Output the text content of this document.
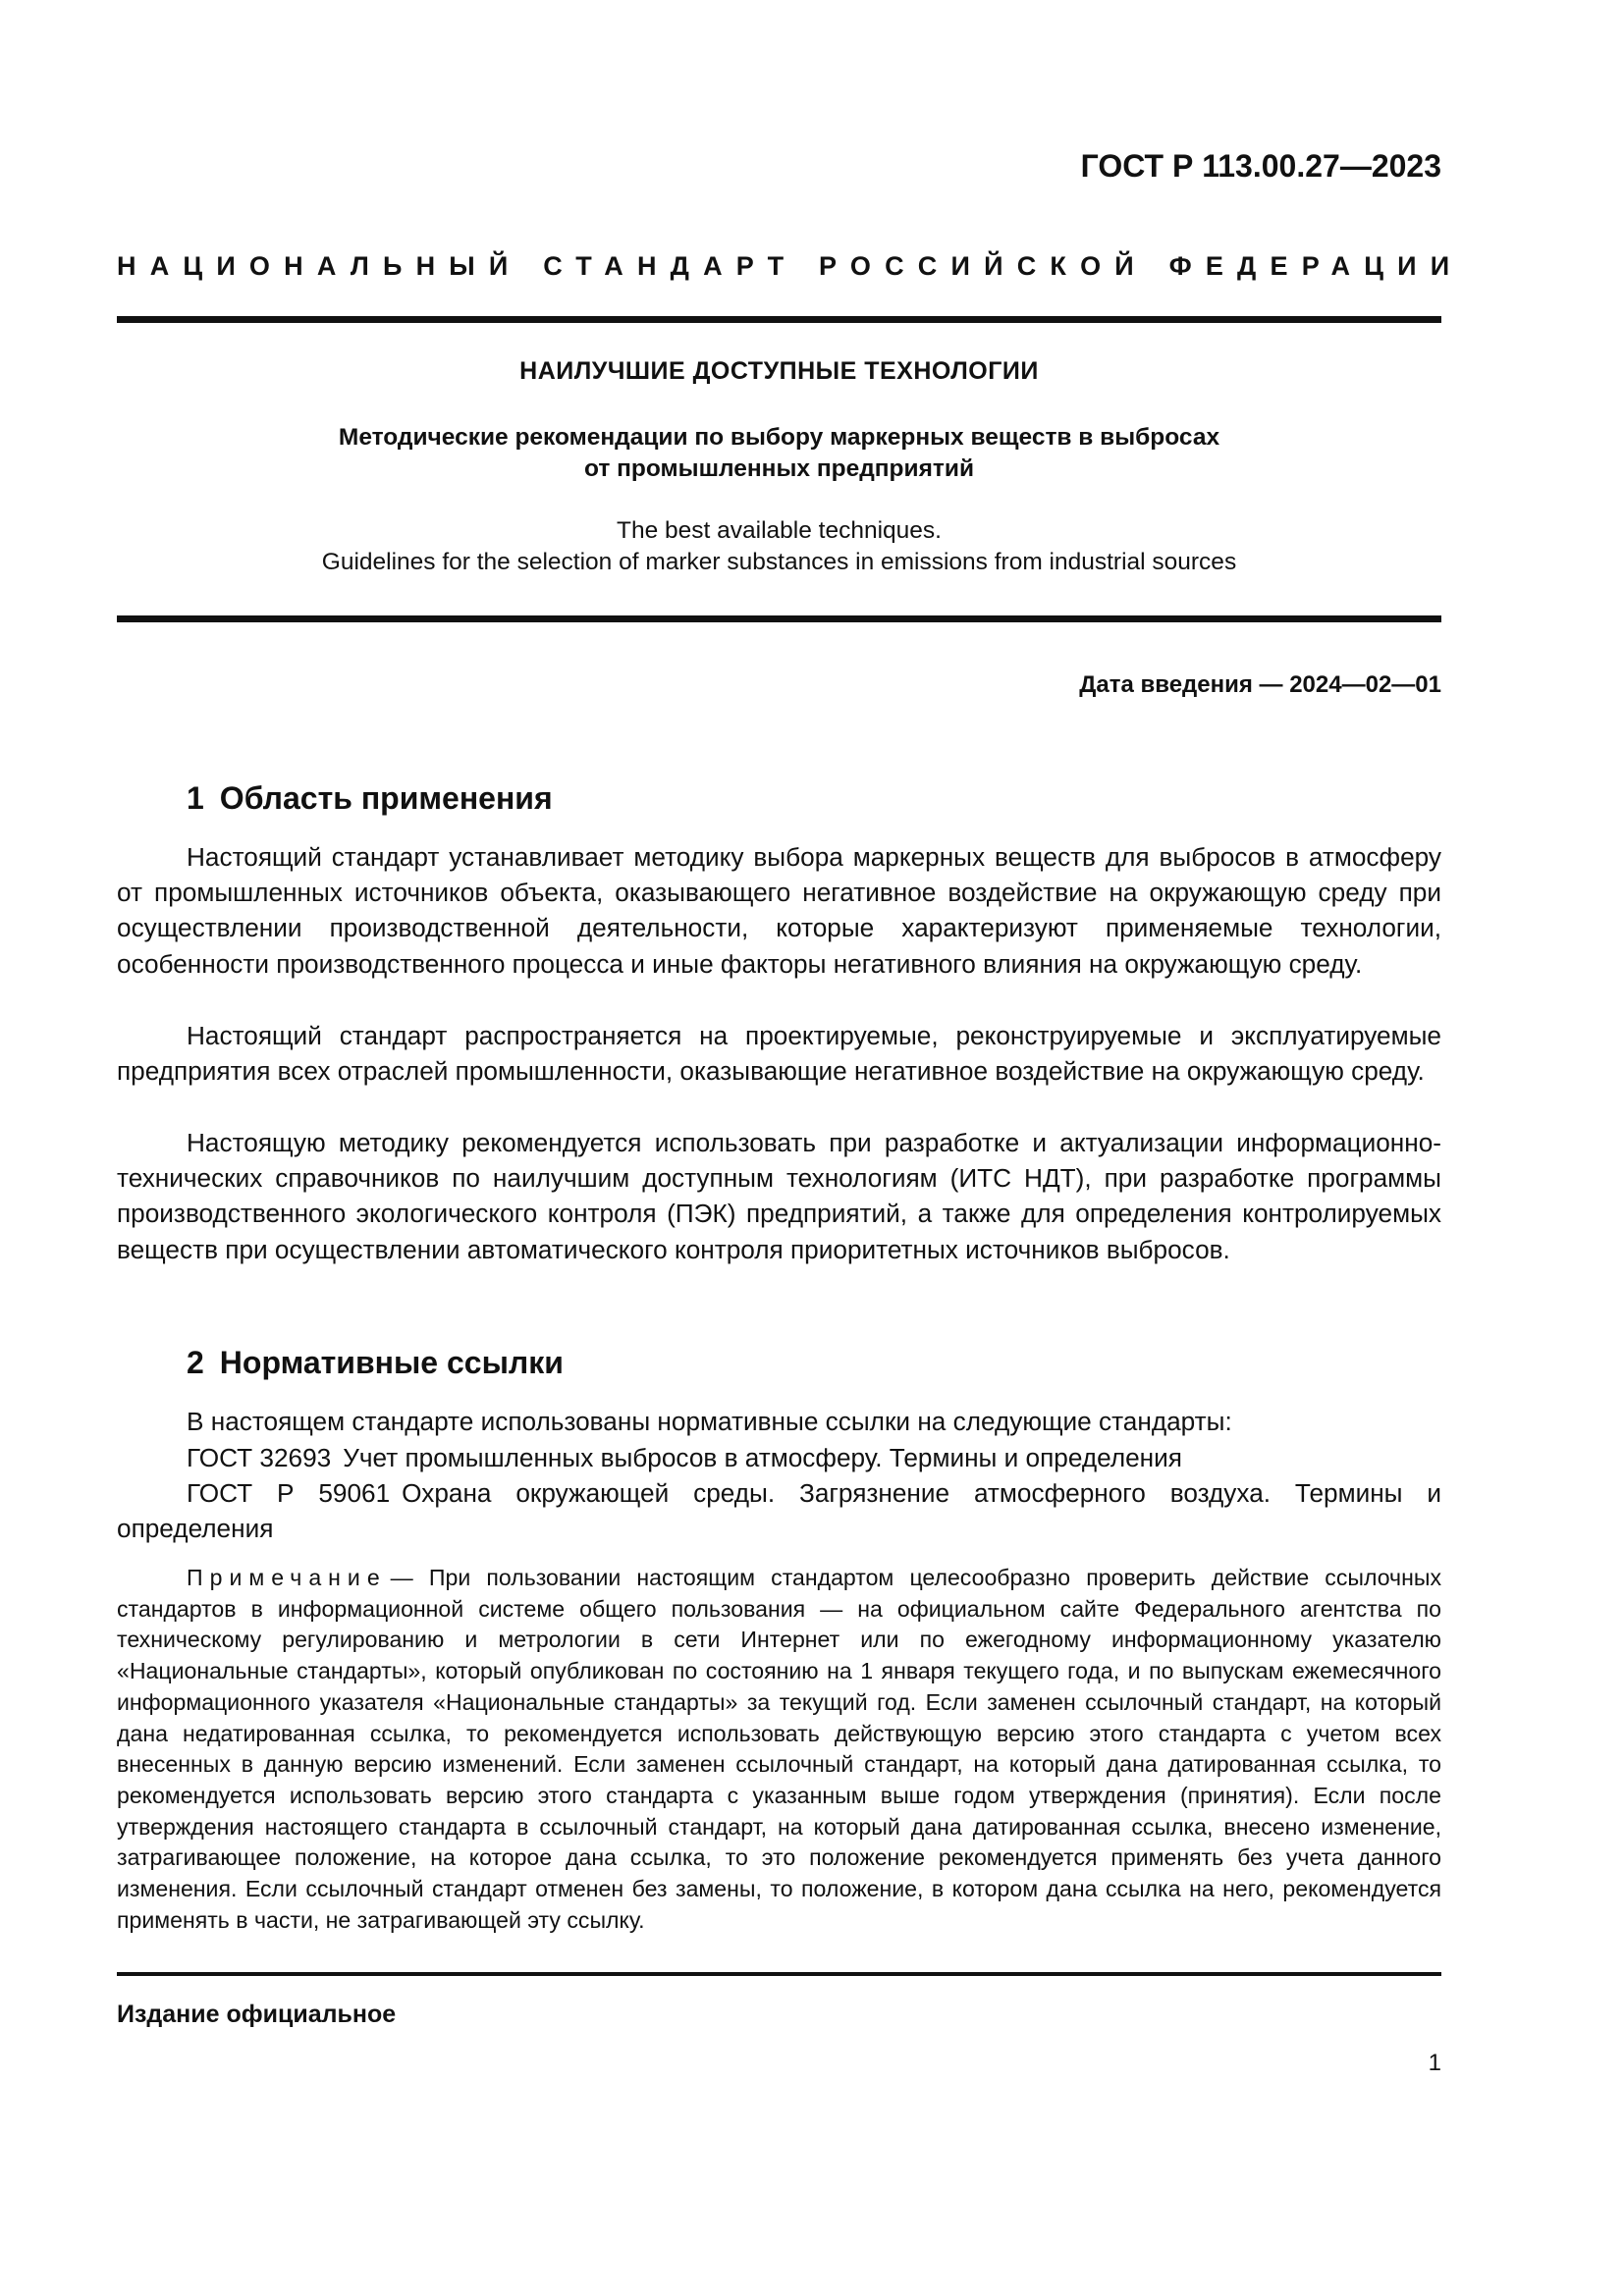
ГОСТ Р 113.00.27—2023
НАЦИОНАЛЬНЫЙ СТАНДАРТ РОССИЙСКОЙ ФЕДЕРАЦИИ
НАИЛУЧШИЕ ДОСТУПНЫЕ ТЕХНОЛОГИИ
Методические рекомендации по выбору маркерных веществ в выбросах
от промышленных предприятий
The best available techniques.
Guidelines for the selection of marker substances in emissions from industrial sources
Дата введения — 2024—02—01
1 Область применения
Настоящий стандарт устанавливает методику выбора маркерных веществ для выбросов в атмосферу от промышленных источников объекта, оказывающего негативное воздействие на окружающую среду при осуществлении производственной деятельности, которые характеризуют применяемые технологии, особенности производственного процесса и иные факторы негативного влияния на окружающую среду.
Настоящий стандарт распространяется на проектируемые, реконструируемые и эксплуатируемые предприятия всех отраслей промышленности, оказывающие негативное воздействие на окружающую среду.
Настоящую методику рекомендуется использовать при разработке и актуализации информационно-технических справочников по наилучшим доступным технологиям (ИТС НДТ), при разработке программы производственного экологического контроля (ПЭК) предприятий, а также для определения контролируемых веществ при осуществлении автоматического контроля приоритетных источников выбросов.
2 Нормативные ссылки
В настоящем стандарте использованы нормативные ссылки на следующие стандарты:
ГОСТ 32693 Учет промышленных выбросов в атмосферу. Термины и определения
ГОСТ Р 59061 Охрана окружающей среды. Загрязнение атмосферного воздуха. Термины и определения
Примечание — При пользовании настоящим стандартом целесообразно проверить действие ссылочных стандартов в информационной системе общего пользования — на официальном сайте Федерального агентства по техническому регулированию и метрологии в сети Интернет или по ежегодному информационному указателю «Национальные стандарты», который опубликован по состоянию на 1 января текущего года, и по выпускам ежемесячного информационного указателя «Национальные стандарты» за текущий год. Если заменен ссылочный стандарт, на который дана недатированная ссылка, то рекомендуется использовать действующую версию этого стандарта с учетом всех внесенных в данную версию изменений. Если заменен ссылочный стандарт, на который дана датированная ссылка, то рекомендуется использовать версию этого стандарта с указанным выше годом утверждения (принятия). Если после утверждения настоящего стандарта в ссылочный стандарт, на который дана датированная ссылка, внесено изменение, затрагивающее положение, на которое дана ссылка, то это положение рекомендуется применять без учета данного изменения. Если ссылочный стандарт отменен без замены, то положение, в котором дана ссылка на него, рекомендуется применять в части, не затрагивающей эту ссылку.
Издание официальное
1
